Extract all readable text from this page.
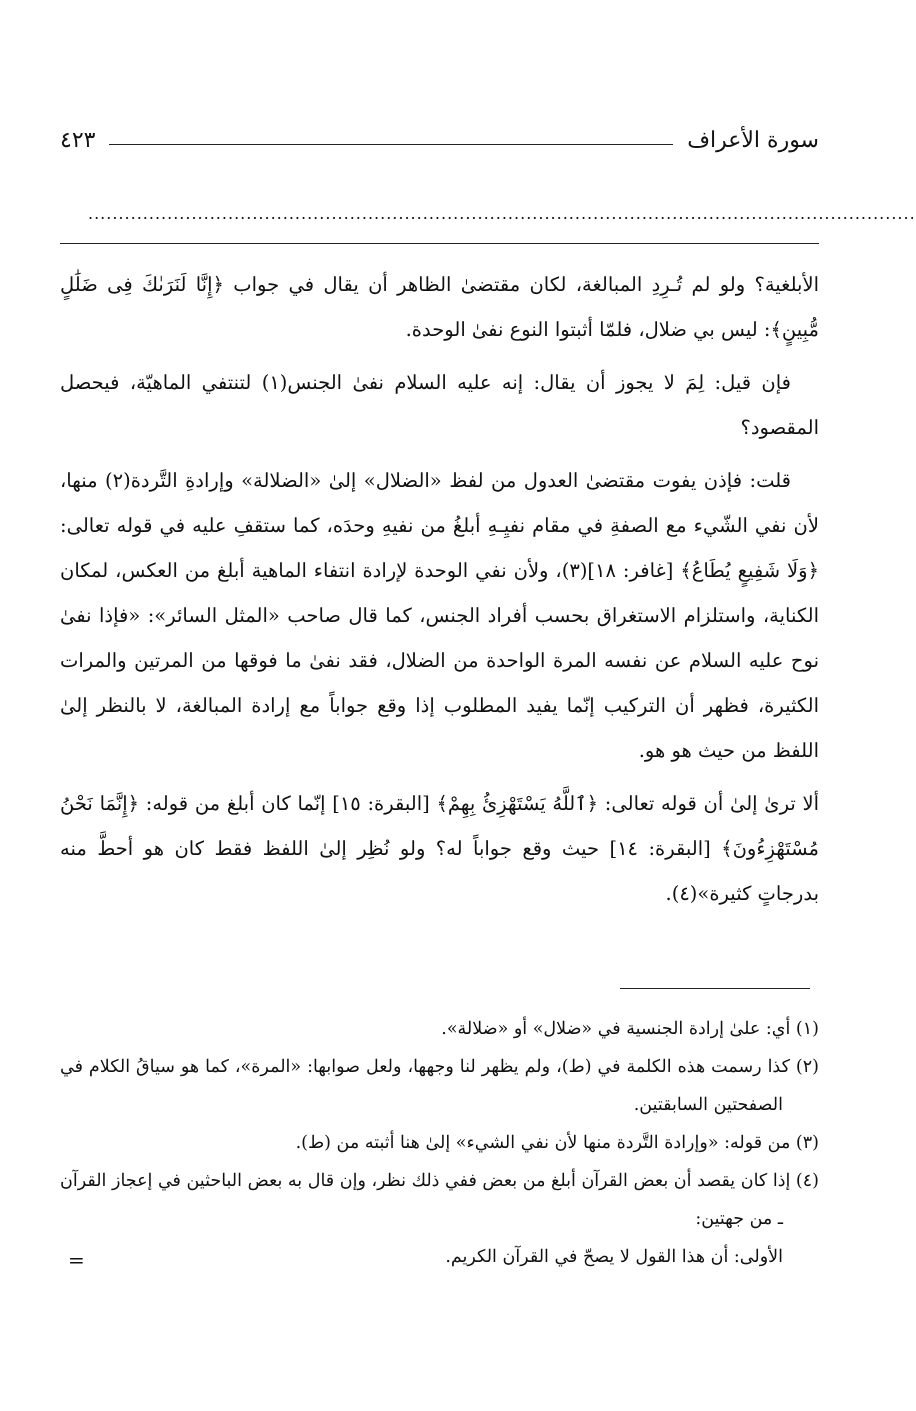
سورة الأعراف
٤٢٣
........................................................................................................................................

الأبلغية؟ ولو لم تُـرِدِ المبالغة، لكان مقتضىٰ الظاهر أن يقال في جواب ﴿إِنَّا لَنَرَىٰكَ فِى ضَلَٰلٍ مُّبِينٍ﴾: ليس بي ضلال، فلمّا أثبتوا النوع نفىٰ الوحدة.

فإن قيل: لِمَ لا يجوز أن يقال: إنه عليه السلام نفىٰ الجنس(١) لتنتفي الماهيّة، فيحصل المقصود؟

قلت: فإذن يفوت مقتضىٰ العدول من لفظ «الضلال» إلىٰ «الضلالة» وإرادةِ التَّردة(٢) منها، لأن نفي الشّيء مع الصفةِ في مقام نفيِـهِ أبلغُ من نفيهِ وحدَه، كما ستقفِ عليه في قوله تعالى: ﴿وَلَا شَفِيعٍ يُطَاعُ﴾ [غافر: ١٨](٣)، ولأن نفي الوحدة لإرادة انتفاء الماهية أبلغ من العكس، لمكان الكناية، واستلزام الاستغراق بحسب أفراد الجنس، كما قال صاحب «المثل السائر»: «فإذا نفىٰ نوح عليه السلام عن نفسه المرة الواحدة من الضلال، فقد نفىٰ ما فوقها من المرتين والمرات الكثيرة، فظهر أن التركيب إنّما يفيد المطلوب إذا وقع جواباً مع إرادة المبالغة، لا بالنظر إلىٰ اللفظ من حيث هو هو.

ألا ترىٰ إلىٰ أن قوله تعالى: ﴿ٱللَّهُ يَسْتَهْزِئُ بِهِمْ﴾ [البقرة: ١٥] إنّما كان أبلغ من قوله: ﴿إِنَّمَا نَحْنُ مُسْتَهْزِءُونَ﴾ [البقرة: ١٤] حيث وقع جواباً له؟ ولو نُظِر إلىٰ اللفظ فقط كان هو أحطَّ منه بدرجاتٍ كثيرة»(٤).

(١) أي: علىٰ إرادة الجنسية في «ضلال» أو «ضلالة».

(٢) كذا رسمت هذه الكلمة في (ط)، ولم يظهر لنا وجهها، ولعل صوابها: «المرة»، كما هو سياقُ الكلام في الصفحتين السابقتين.

(٣) من قوله: «وإرادة التَّردة منها لأن نفي الشيء» إلىٰ هنا أثبته من (ط).

(٤) إذا كان يقصد أن بعض القرآن أبلغ من بعض ففي ذلك نظر، وإن قال به بعض الباحثين في إعجاز القرآن ـ من جهتين:

الأولى: أن هذا القول لا يصحّ في القرآن الكريم.

=
